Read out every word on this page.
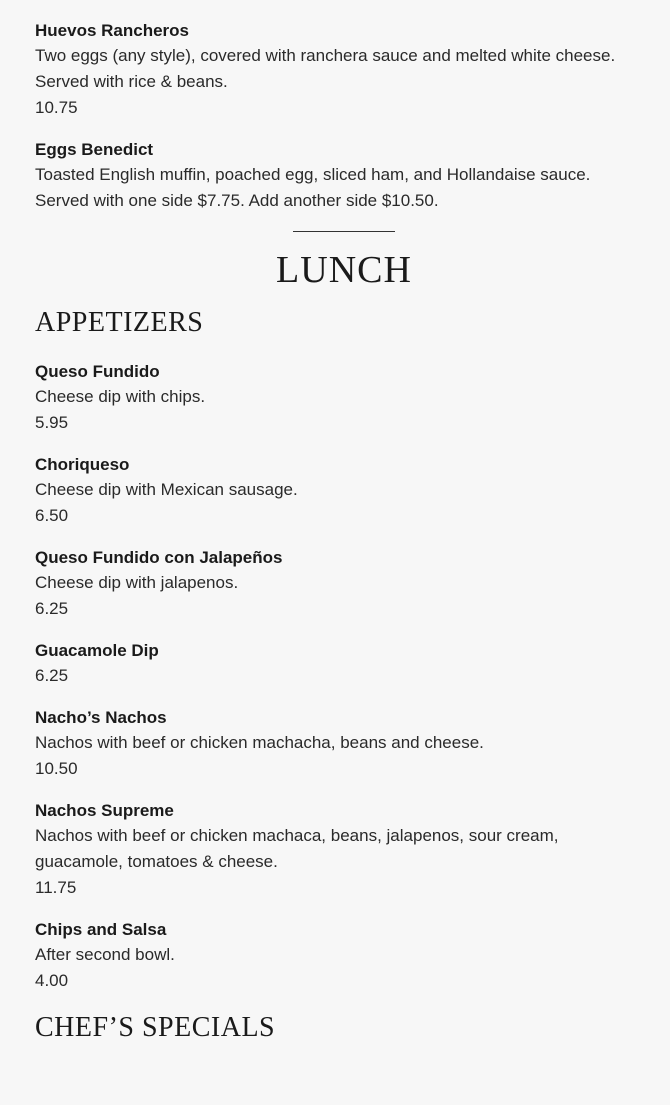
Huevos Rancheros
Two eggs (any style), covered with ranchera sauce and melted white cheese. Served with rice & beans.
10.75
Eggs Benedict
Toasted English muffin, poached egg, sliced ham, and Hollandaise sauce. Served with one side $7.75. Add another side $10.50.
LUNCH
APPETIZERS
Queso Fundido
Cheese dip with chips.
5.95
Choriqueso
Cheese dip with Mexican sausage.
6.50
Queso Fundido con Jalapeños
Cheese dip with jalapenos.
6.25
Guacamole Dip
6.25
Nacho’s Nachos
Nachos with beef or chicken machacha, beans and cheese.
10.50
Nachos Supreme
Nachos with beef or chicken machaca, beans, jalapenos, sour cream, guacamole, tomatoes & cheese.
11.75
Chips and Salsa
After second bowl.
4.00
CHEF’S SPECIALS
